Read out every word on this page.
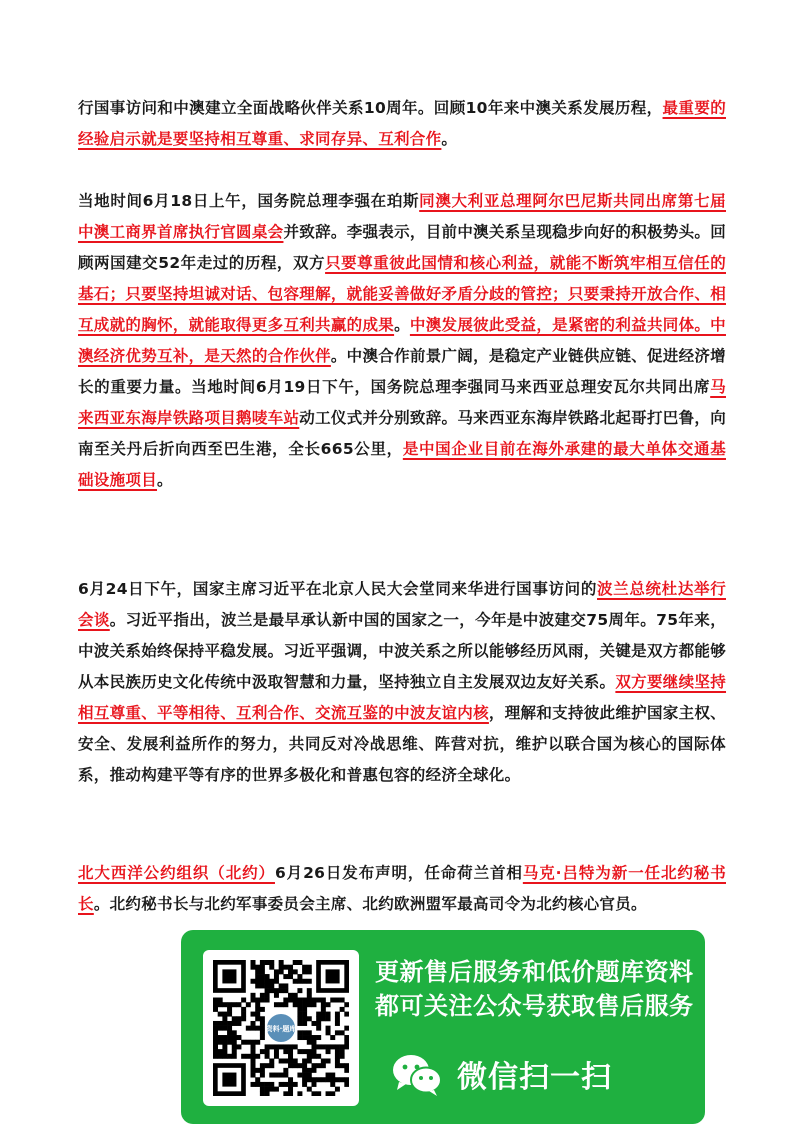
行国事访问和中澳建立全面战略伙伴关系10周年。回顾10年来中澳关系发展历程，最重要的经验启示就是要坚持相互尊重、求同存异、互利合作。
当地时间6月18日上午，国务院总理李强在珀斯同澳大利亚总理阿尔巴尼斯共同出席第七届中澳工商界首席执行官圆桌会并致辞。李强表示，目前中澳关系呈现稳步向好的积极势头。回顾两国建交52年走过的历程，双方只要尊重彼此国情和核心利益，就能不断筑牢相互信任的基石；只要坚持坦诚对话、包容理解，就能妥善做好矛盾分歧的管控；只要秉持开放合作、相互成就的胸怀，就能取得更多互利共赢的成果。中澳发展彼此受益，是紧密的利益共同体。中澳经济优势互补，是天然的合作伙伴。中澳合作前景广阔，是稳定产业链供应链、促进经济增长的重要力量。当地时间6月19日下午，国务院总理李强同马来西亚总理安瓦尔共同出席马来西亚东海岸铁路项目鹅唛车站动工仪式并分别致辞。马来西亚东海岸铁路北起哥打巴鲁，向南至关丹后折向西至巴生港，全长665公里，是中国企业目前在海外承建的最大单体交通基础设施项目。
6月24日下午，国家主席习近平在北京人民大会堂同来华进行国事访问的波兰总统杜达举行会谈。习近平指出，波兰是最早承认新中国的国家之一，今年是中波建交75周年。75年来，中波关系始终保持平稳发展。习近平强调，中波关系之所以能够经历风雨，关键是双方都能够从本民族历史文化传统中汲取智慧和力量，坚持独立自主发展双边友好关系。双方要继续坚持相互尊重、平等相待、互利合作、交流互鉴的中波友谊内核，理解和支持彼此维护国家主权、安全、发展利益所作的努力，共同反对冷战思维、阵营对抗，维护以联合国为核心的国际体系，推动构建平等有序的世界多极化和普惠包容的经济全球化。
北大西洋公约组织（北约）6月26日发布声明，任命荷兰首相马克·吕特为新一任北约秘书长。北约秘书长与北约军事委员会主席、北约欧洲盟军最高司令为北约核心官员。
资料·题库
更新售后服务和低价题库资料
都可关注公众号获取售后服务
微信扫一扫
